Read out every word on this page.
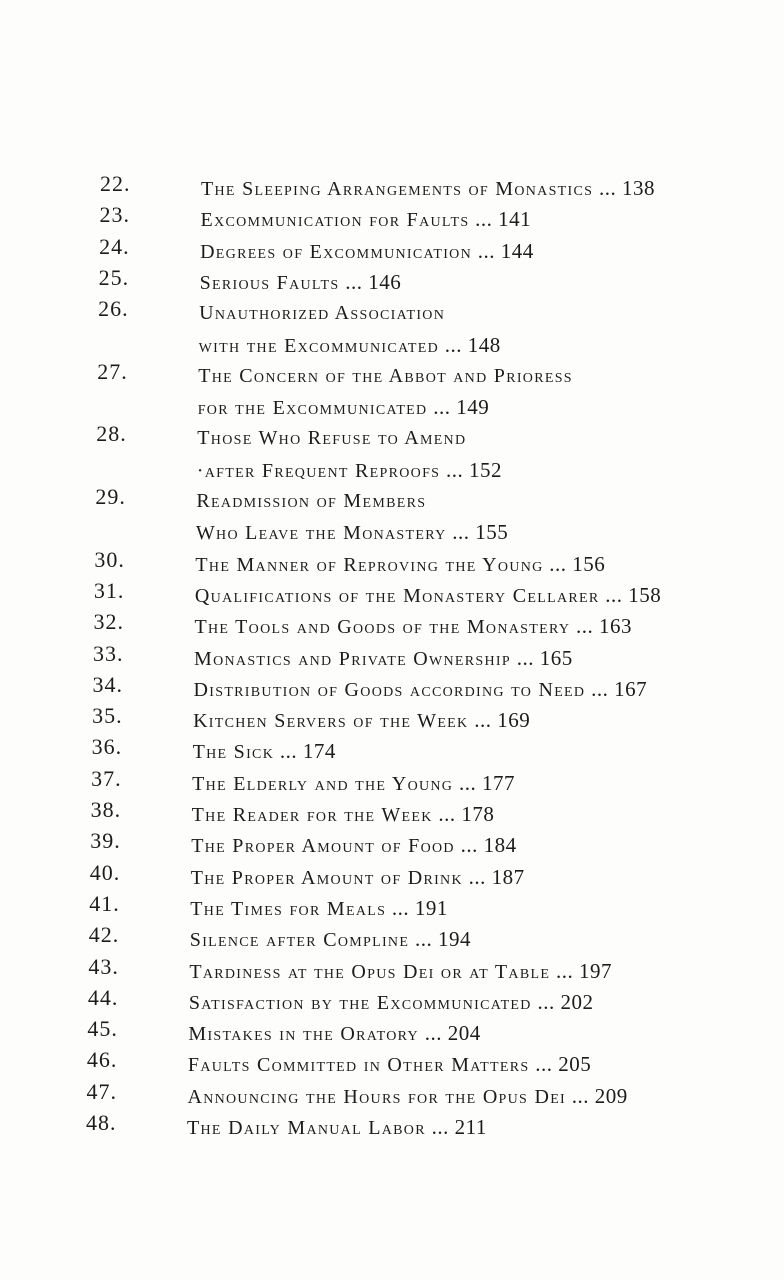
22.	The Sleeping Arrangements of Monastics ... 138
23.	Excommunication for Faults ... 141
24.	Degrees of Excommunication ... 144
25.	Serious Faults ... 146
26.	Unauthorized Association
with the Excommunicated ... 148
27.	The Concern of the Abbot and Prioress
for the Excommunicated ... 149
28.	Those Who Refuse to Amend
·after Frequent Reproofs ... 152
29.	Readmission of Members
Who Leave the Monastery ... 155
30.	The Manner of Reproving the Young ... 156
31.	Qualifications of the Monastery Cellarer ... 158
32.	The Tools and Goods of the Monastery ... 163
33.	Monastics and Private Ownership ... 165
34.	Distribution of Goods according to Need ... 167
35.	Kitchen Servers of the Week ... 169
36.	The Sick ... 174
37.	The Elderly and the Young ... 177
38.	The Reader for the Week ... 178
39.	The Proper Amount of Food ... 184
40.	The Proper Amount of Drink ... 187
41.	The Times for Meals ... 191
42.	Silence after Compline ... 194
43.	Tardiness at the Opus Dei or at Table ... 197
44.	Satisfaction by the Excommunicated ... 202
45.	Mistakes in the Oratory ... 204
46.	Faults Committed in Other Matters ... 205
47.	Announcing the Hours for the Opus Dei ... 209
48.	The Daily Manual Labor ... 211
